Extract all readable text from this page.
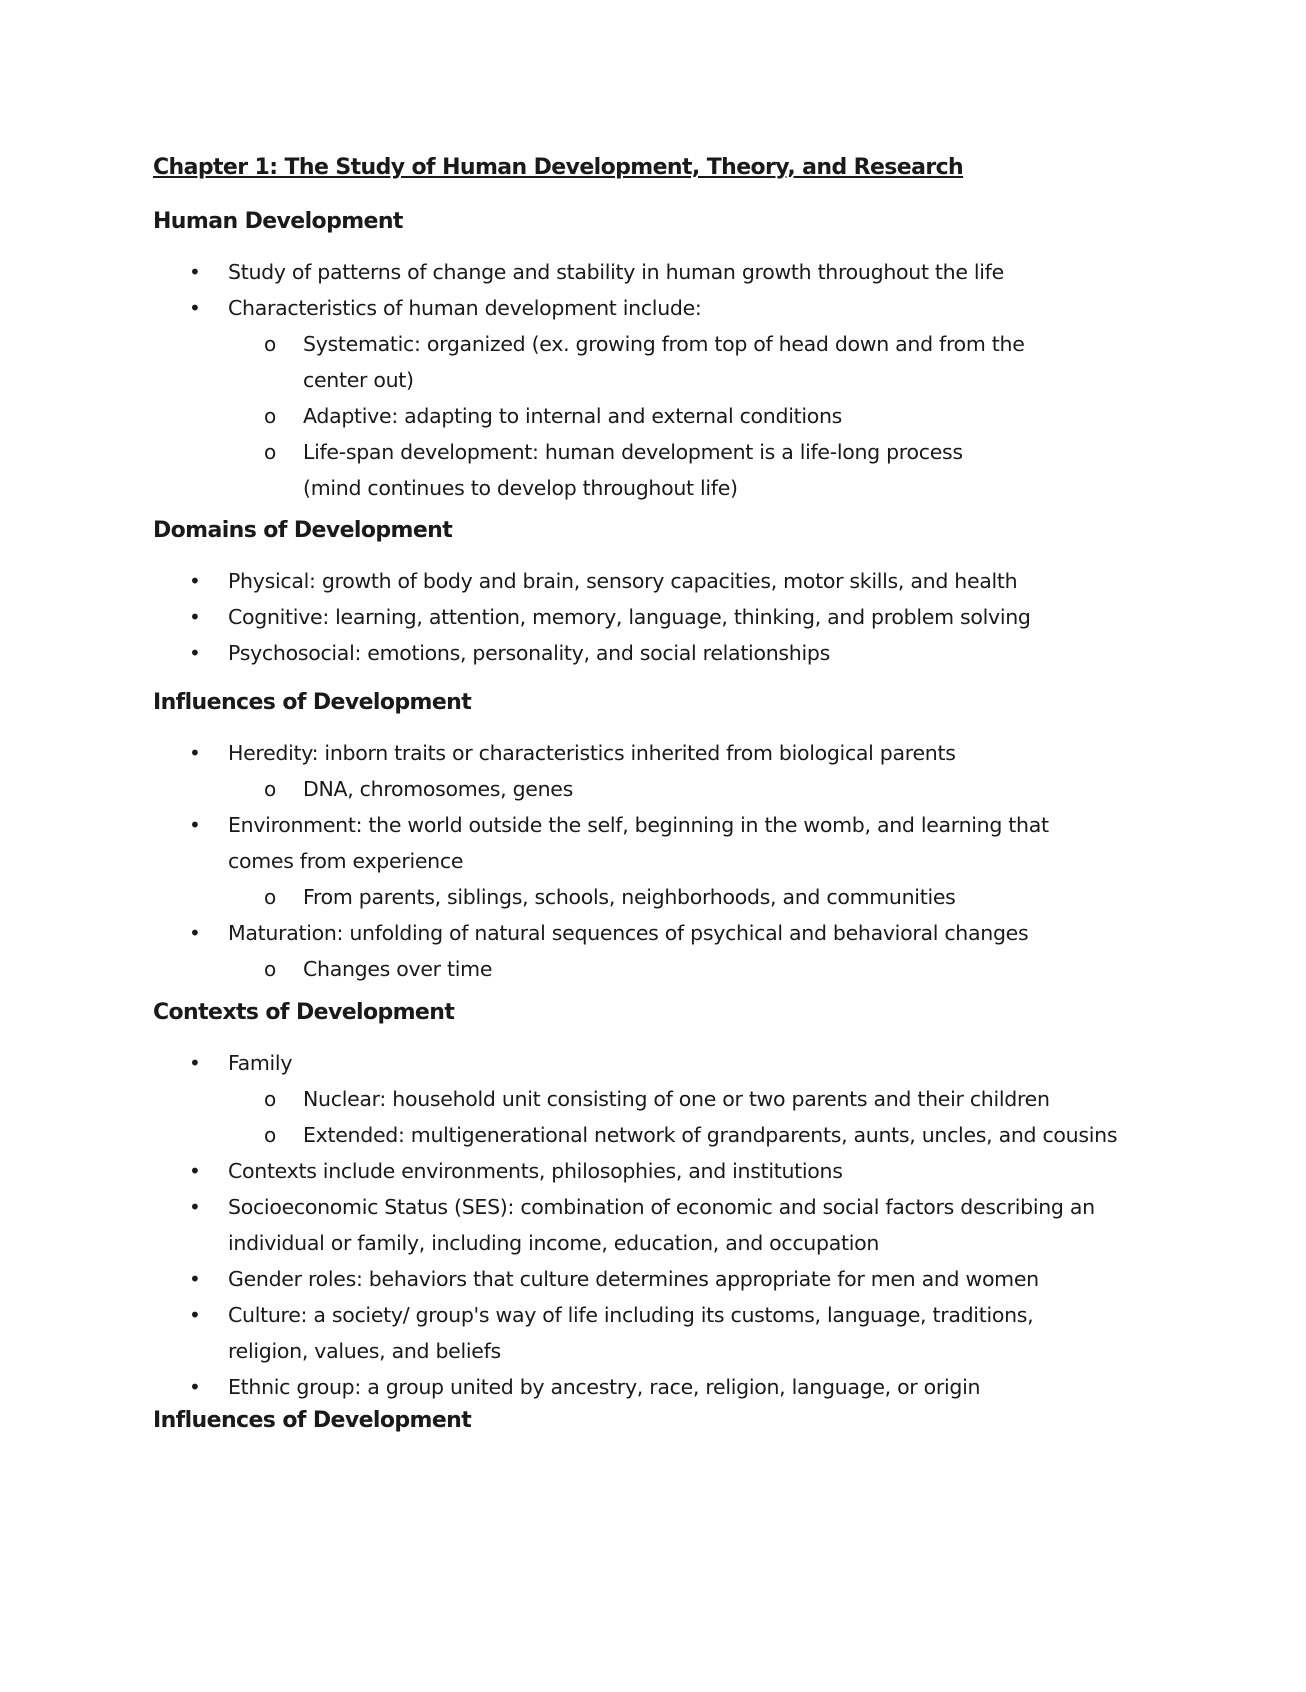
Chapter 1: The Study of Human Development, Theory, and Research
Human Development
• Study of patterns of change and stability in human growth throughout the life
• Characteristics of human development include:
o Systematic: organized (ex. growing from top of head down and from the center out)
o Adaptive: adapting to internal and external conditions
o Life-span development: human development is a life-long process (mind continues to develop throughout life)
Domains of Development
• Physical: growth of body and brain, sensory capacities, motor skills, and health
• Cognitive: learning, attention, memory, language, thinking, and problem solving
• Psychosocial: emotions, personality, and social relationships
Influences of Development
• Heredity: inborn traits or characteristics inherited from biological parents
o DNA, chromosomes, genes
• Environment: the world outside the self, beginning in the womb, and learning that comes from experience
o From parents, siblings, schools, neighborhoods, and communities
• Maturation: unfolding of natural sequences of psychical and behavioral changes
o Changes over time
Contexts of Development
• Family
o Nuclear: household unit consisting of one or two parents and their children
o Extended: multigenerational network of grandparents, aunts, uncles, and cousins
• Contexts include environments, philosophies, and institutions
• Socioeconomic Status (SES): combination of economic and social factors describing an individual or family, including income, education, and occupation
• Gender roles: behaviors that culture determines appropriate for men and women
• Culture: a society/ group's way of life including its customs, language, traditions, religion, values, and beliefs
• Ethnic group: a group united by ancestry, race, religion, language, or origin
Influences of Development
